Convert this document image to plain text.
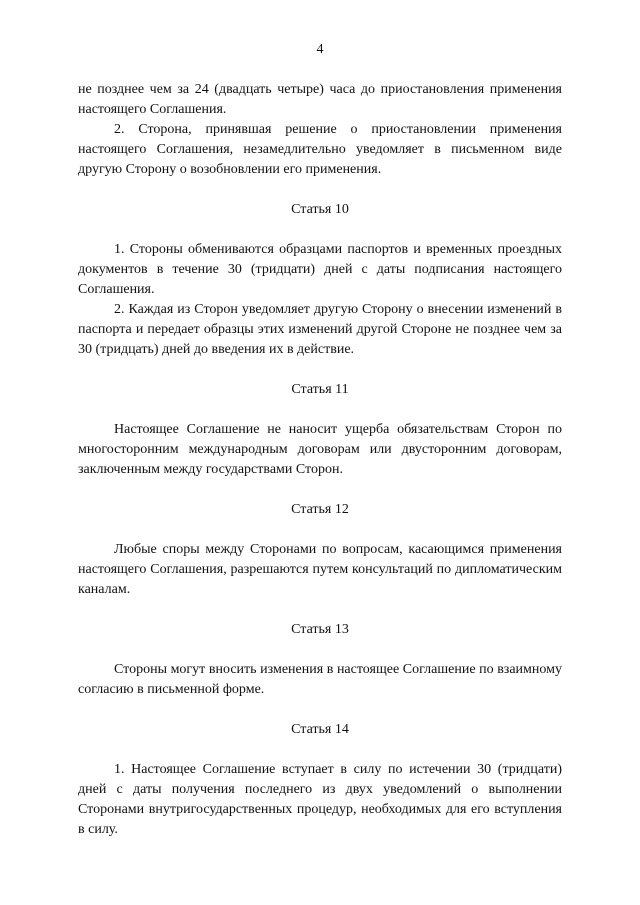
4

не позднее чем за 24 (двадцать четыре) часа до приостановления применения настоящего Соглашения.

2. Сторона, принявшая решение о приостановлении применения настоящего Соглашения, незамедлительно уведомляет в письменном виде другую Сторону о возобновлении его применения.

Статья 10

1. Стороны обмениваются образцами паспортов и временных проездных документов в течение 30 (тридцати) дней с даты подписания настоящего Соглашения.

2. Каждая из Сторон уведомляет другую Сторону о внесении изменений в паспорта и передает образцы этих изменений другой Стороне не позднее чем за 30 (тридцать) дней до введения их в действие.

Статья 11

Настоящее Соглашение не наносит ущерба обязательствам Сторон по многосторонним международным договорам или двусторонним договорам, заключенным между государствами Сторон.

Статья 12

Любые споры между Сторонами по вопросам, касающимся применения настоящего Соглашения, разрешаются путем консультаций по дипломатическим каналам.

Статья 13

Стороны могут вносить изменения в настоящее Соглашение по взаимному согласию в письменной форме.

Статья 14

1. Настоящее Соглашение вступает в силу по истечении 30 (тридцати) дней с даты получения последнего из двух уведомлений о выполнении Сторонами внутригосударственных процедур, необходимых для его вступления в силу.
